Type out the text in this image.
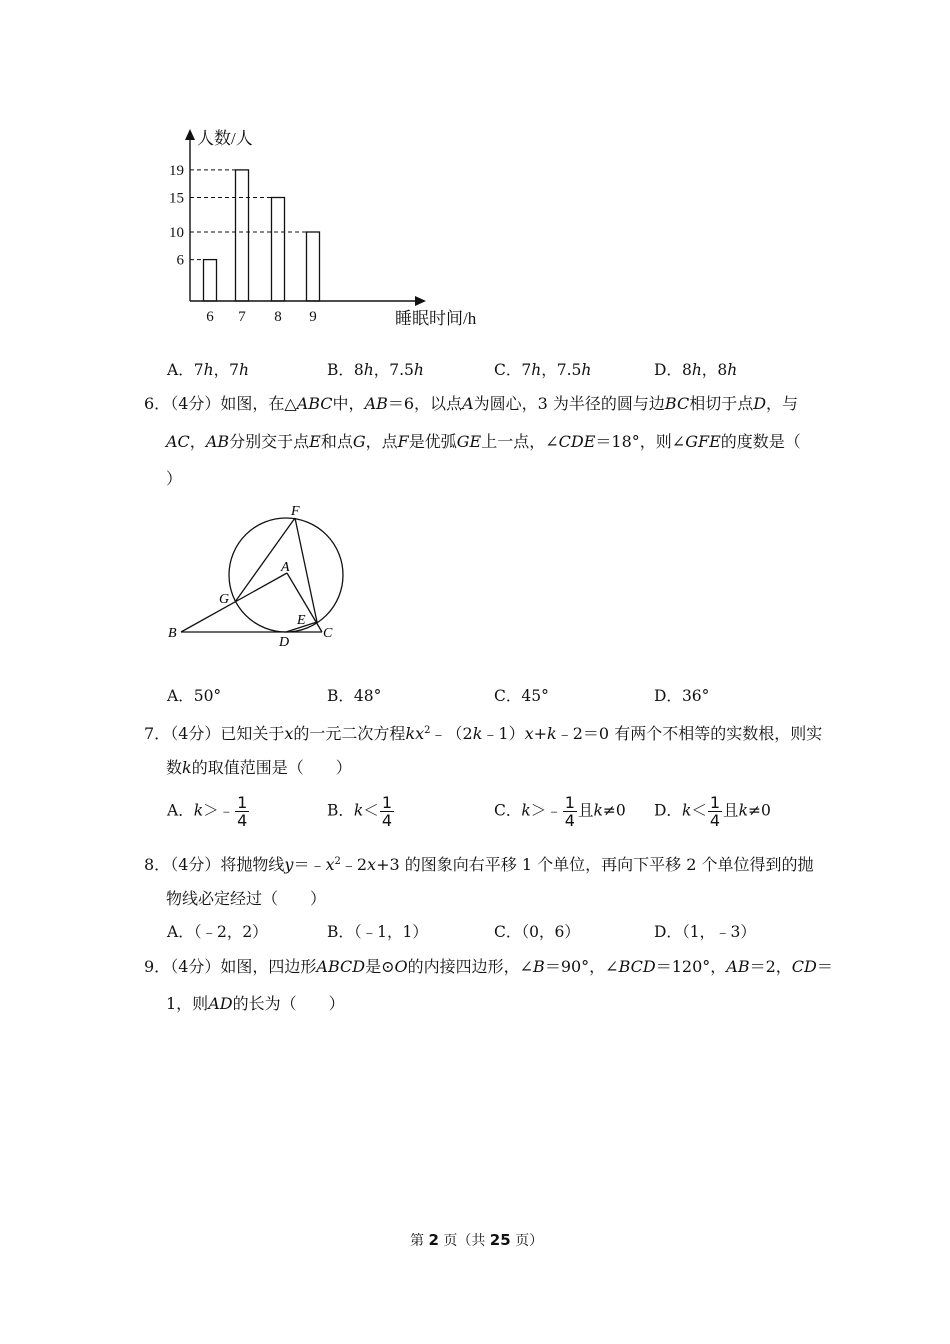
6
6
7
19
8
15
9
10
人数/人
睡眠时间/h
A．7h，7h	B．8h，7.5h	C．7h，7.5h	D．8h，8h
6．（4分）如图，在△ABC中，AB＝6，以点A为圆心，3 为半径的圆与边BC相切于点D，与
AC，AB分别交于点E和点G，点F是优弧GE上一点，∠CDE＝18°，则∠GFE的度数是（
）
F
A
G
E
B
D
C
A．50°	B．48°	C．45°	D．36°
7．（4分）已知关于x的一元二次方程$kx^2﹣(2k﹣1)x+k﹣2=0$ 有两个不相等的实数根，则实
数k的取值范围是（　　）
A．k＞﹣ $\frac{1}{4}$	B．$k< \frac{1}{4}$	C．k＞﹣ $\frac{1}{4}$ 且k≠0 D．$k< \frac{1}{4}$ 且k≠0
8．（4分）将抛物线$y=﹣x^2﹣2x+3$ 的图象向右平移 1 个单位，再向下平移 2 个单位得到的抛
物线必定经过（　　）
A．（﹣2，2）	B．（﹣1，1）	C．（0，6）	D．（1，﹣3）
9．（4分）如图，四边形ABCD是⊙O的内接四边形，∠B＝90°，∠BCD＝120°，AB＝2，CD＝
1，则AD的长为（　　）
第 2 页（共 25 页）
